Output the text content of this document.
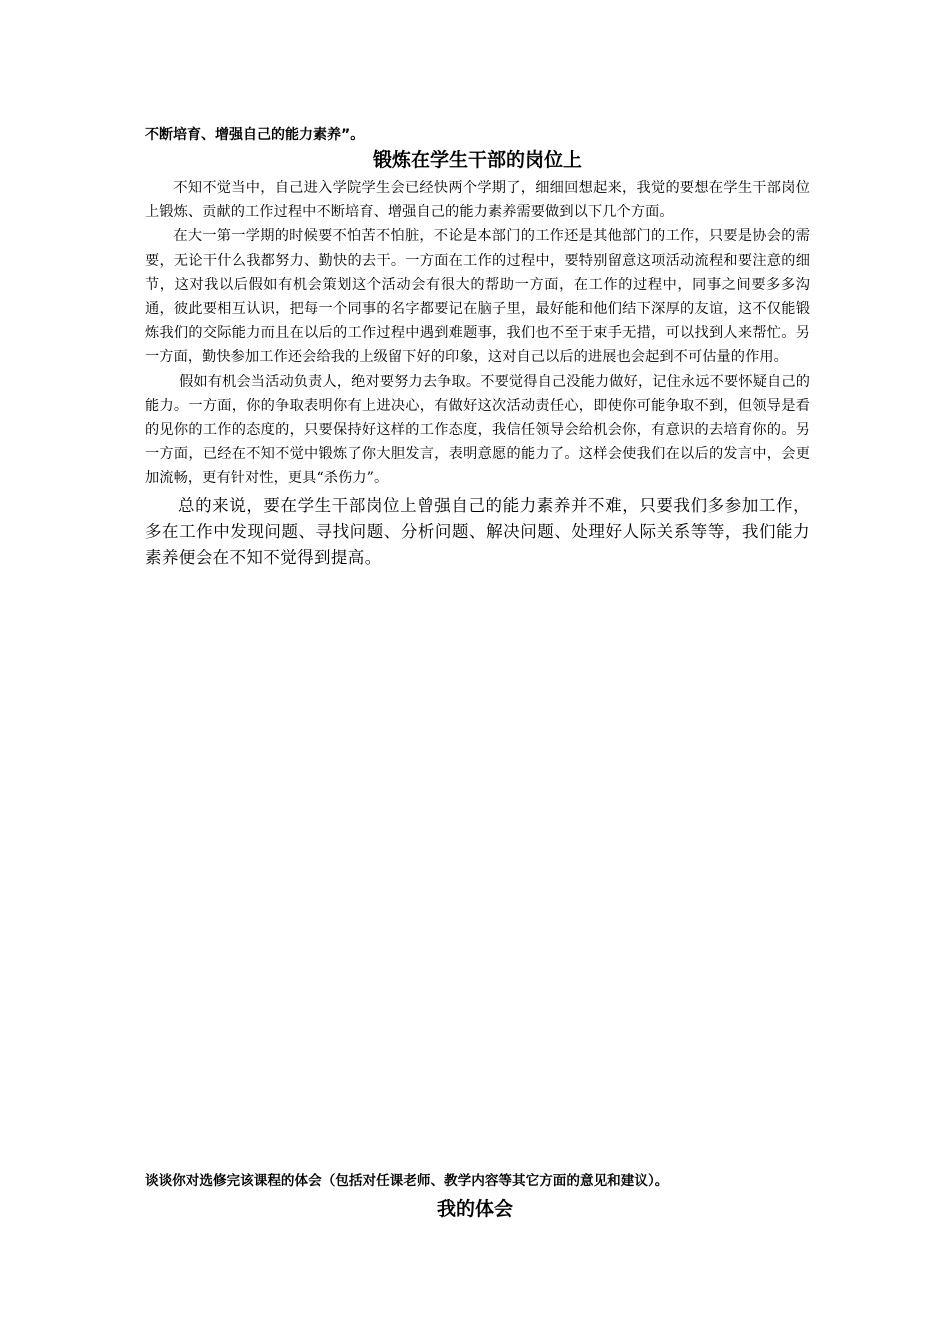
不断培育、增强自己的能力素养”。

锻炼在学生干部的岗位上

不知不觉当中，自己进入学院学生会已经快两个学期了，细细回想起来，我觉的要想在学生干部岗位上锻炼、贡献的工作过程中不断培育、增强自己的能力素养需要做到以下几个方面。

在大一第一学期的时候要不怕苦不怕脏，不论是本部门的工作还是其他部门的工作，只要是协会的需要，无论干什么我都努力、勤快的去干。一方面在工作的过程中，要特别留意这项活动流程和要注意的细节，这对我以后假如有机会策划这个活动会有很大的帮助一方面，在工作的过程中，同事之间要多多沟通，彼此要相互认识，把每一个同事的名字都要记在脑子里，最好能和他们结下深厚的友谊，这不仅能锻炼我们的交际能力而且在以后的工作过程中遇到难题事，我们也不至于束手无措，可以找到人来帮忙。另一方面，勤快参加工作还会给我的上级留下好的印象，这对自己以后的进展也会起到不可估量的作用。

假如有机会当活动负责人，绝对要努力去争取。不要觉得自己没能力做好，记住永远不要怀疑自己的能力。一方面，你的争取表明你有上进决心，有做好这次活动责任心，即使你可能争取不到，但领导是看的见你的工作的态度的，只要保持好这样的工作态度，我信任领导会给机会你，有意识的去培育你的。另一方面，已经在不知不觉中锻炼了你大胆发言，表明意愿的能力了。这样会使我们在以后的发言中，会更加流畅，更有针对性，更具“杀伤力”。

总的来说，要在学生干部岗位上曾强自己的能力素养并不难，只要我们多参加工作，多在工作中发现问题、寻找问题、分析问题、解决问题、处理好人际关系等等，我们能力素养便会在不知不觉得到提高。

谈谈你对选修完该课程的体会（包括对任课老师、教学内容等其它方面的意见和建议）。

我的体会
